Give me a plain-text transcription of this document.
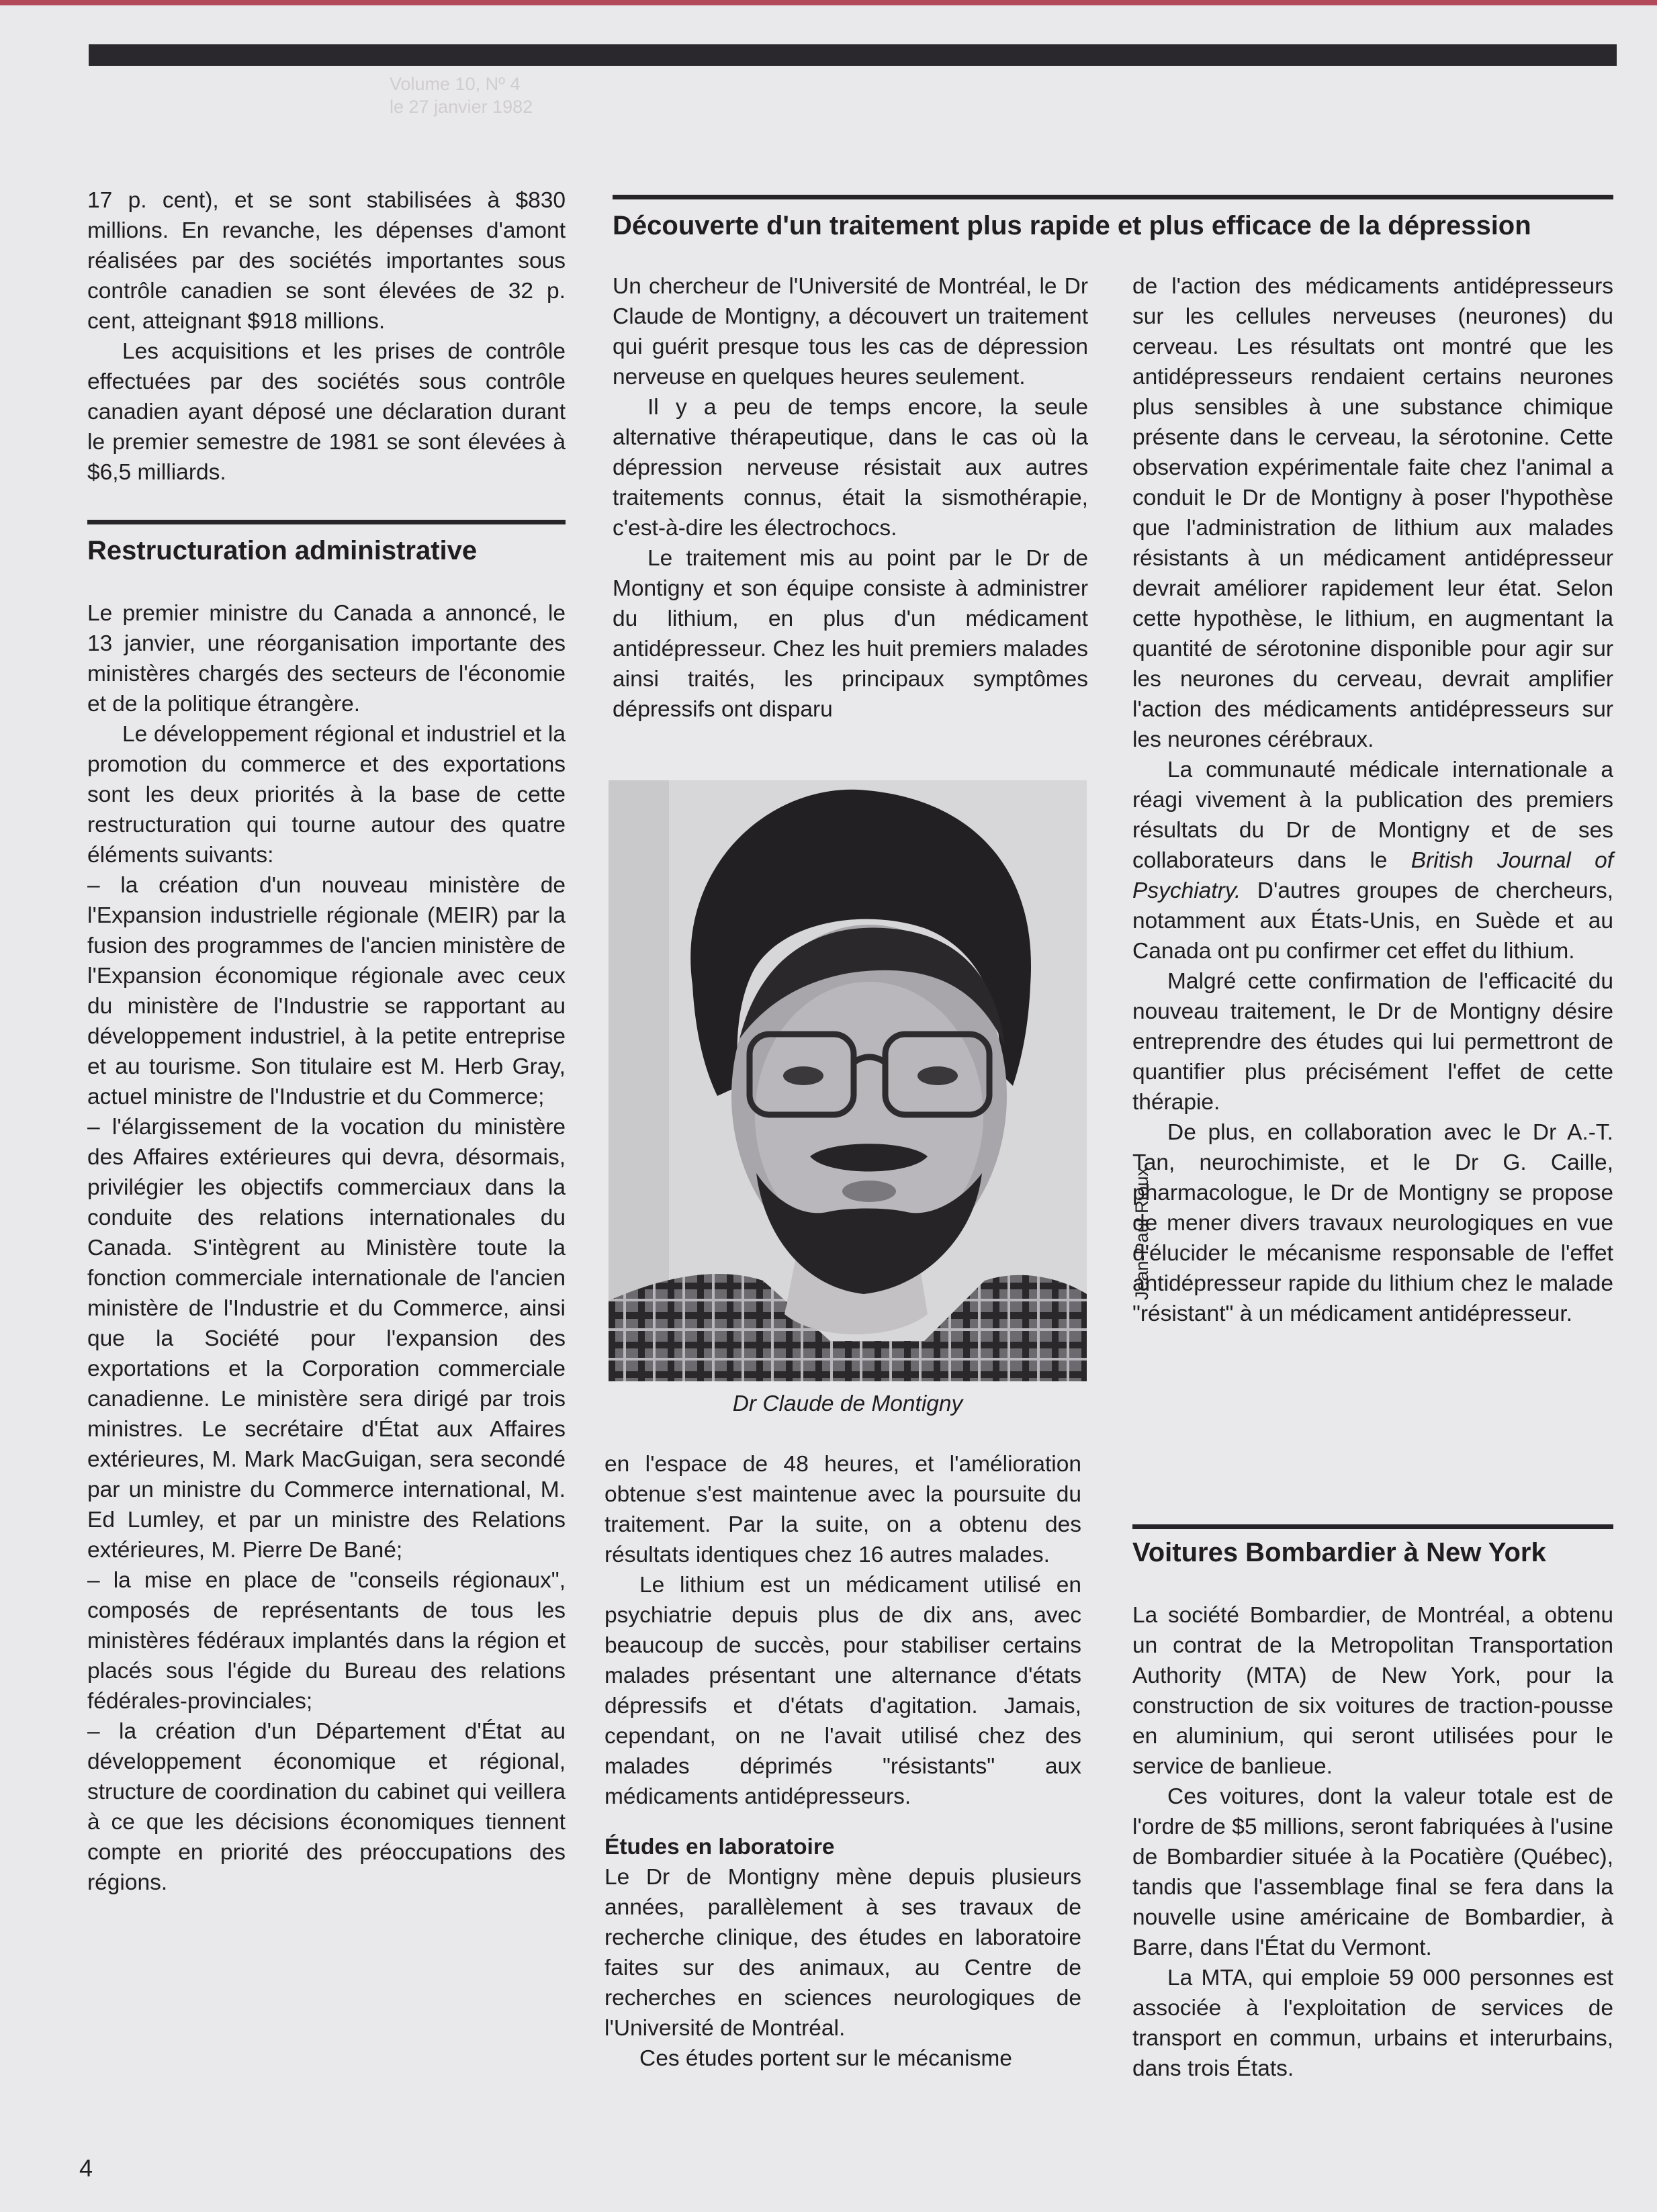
Volume 10, Nº 4
le 27 janvier 1982

17 p. cent), et se sont stabilisées à $830 millions. En revanche, les dépenses d'amont réalisées par des sociétés importantes sous contrôle canadien se sont élevées de 32 p. cent, atteignant $918 millions.

Les acquisitions et les prises de contrôle effectuées par des sociétés sous contrôle canadien ayant déposé une déclaration durant le premier semestre de 1981 se sont élevées à $6,5 milliards.

Restructuration administrative

Le premier ministre du Canada a annoncé, le 13 janvier, une réorganisation importante des ministères chargés des secteurs de l'économie et de la politique étrangère.

Le développement régional et industriel et la promotion du commerce et des exportations sont les deux priorités à la base de cette restructuration qui tourne autour des quatre éléments suivants:

– la création d'un nouveau ministère de l'Expansion industrielle régionale (MEIR) par la fusion des programmes de l'ancien ministère de l'Expansion économique régionale avec ceux du ministère de l'Industrie se rapportant au développement industriel, à la petite entreprise et au tourisme. Son titulaire est M. Herb Gray, actuel ministre de l'Industrie et du Commerce;

– l'élargissement de la vocation du ministère des Affaires extérieures qui devra, désormais, privilégier les objectifs commerciaux dans la conduite des relations internationales du Canada. S'intègrent au Ministère toute la fonction commerciale internationale de l'ancien ministère de l'Industrie et du Commerce, ainsi que la Société pour l'expansion des exportations et la Corporation commerciale canadienne. Le ministère sera dirigé par trois ministres. Le secrétaire d'État aux Affaires extérieures, M. Mark MacGuigan, sera secondé par un ministre du Commerce international, M. Ed Lumley, et par un ministre des Relations extérieures, M. Pierre De Bané;

– la mise en place de "conseils régionaux", composés de représentants de tous les ministères fédéraux implantés dans la région et placés sous l'égide du Bureau des relations fédérales-provinciales;

– la création d'un Département d'État au développement économique et régional, structure de coordination du cabinet qui veillera à ce que les décisions économiques tiennent compte en priorité des préoccupations des régions.

Découverte d'un traitement plus rapide et plus efficace de la dépression

Un chercheur de l'Université de Montréal, le Dr Claude de Montigny, a découvert un traitement qui guérit presque tous les cas de dépression nerveuse en quelques heures seulement.

Il y a peu de temps encore, la seule alternative thérapeutique, dans le cas où la dépression nerveuse résistait aux autres traitements connus, était la sismothérapie, c'est-à-dire les électrochocs.

Le traitement mis au point par le Dr de Montigny et son équipe consiste à administrer du lithium, en plus d'un médicament antidépresseur. Chez les huit premiers malades ainsi traités, les principaux symptômes dépressifs ont disparu

Jean-Paul Rioux
Dr Claude de Montigny

en l'espace de 48 heures, et l'amélioration obtenue s'est maintenue avec la poursuite du traitement. Par la suite, on a obtenu des résultats identiques chez 16 autres malades.

Le lithium est un médicament utilisé en psychiatrie depuis plus de dix ans, avec beaucoup de succès, pour stabiliser certains malades présentant une alternance d'états dépressifs et d'états d'agitation. Jamais, cependant, on ne l'avait utilisé chez des malades déprimés "résistants" aux médicaments antidépresseurs.

Études en laboratoire

Le Dr de Montigny mène depuis plusieurs années, parallèlement à ses travaux de recherche clinique, des études en laboratoire faites sur des animaux, au Centre de recherches en sciences neurologiques de l'Université de Montréal.

Ces études portent sur le mécanisme

de l'action des médicaments antidépresseurs sur les cellules nerveuses (neurones) du cerveau. Les résultats ont montré que les antidépresseurs rendaient certains neurones plus sensibles à une substance chimique présente dans le cerveau, la sérotonine. Cette observation expérimentale faite chez l'animal a conduit le Dr de Montigny à poser l'hypothèse que l'administration de lithium aux malades résistants à un médicament antidépresseur devrait améliorer rapidement leur état. Selon cette hypothèse, le lithium, en augmentant la quantité de sérotonine disponible pour agir sur les neurones du cerveau, devrait amplifier l'action des médicaments antidépresseurs sur les neurones cérébraux.

La communauté médicale internationale a réagi vivement à la publication des premiers résultats du Dr de Montigny et de ses collaborateurs dans le British Journal of Psychiatry. D'autres groupes de chercheurs, notamment aux États-Unis, en Suède et au Canada ont pu confirmer cet effet du lithium.

Malgré cette confirmation de l'efficacité du nouveau traitement, le Dr de Montigny désire entreprendre des études qui lui permettront de quantifier plus précisément l'effet de cette thérapie.

De plus, en collaboration avec le Dr A.-T. Tan, neurochimiste, et le Dr G. Caille, pharmacologue, le Dr de Montigny se propose de mener divers travaux neurologiques en vue d'élucider le mécanisme responsable de l'effet antidépresseur rapide du lithium chez le malade "résistant" à un médicament antidépresseur.

Voitures Bombardier à New York

La société Bombardier, de Montréal, a obtenu un contrat de la Metropolitan Transportation Authority (MTA) de New York, pour la construction de six voitures de traction-pousse en aluminium, qui seront utilisées pour le service de banlieue.

Ces voitures, dont la valeur totale est de l'ordre de $5 millions, seront fabriquées à l'usine de Bombardier située à la Pocatière (Québec), tandis que l'assemblage final se fera dans la nouvelle usine américaine de Bombardier, à Barre, dans l'État du Vermont.

La MTA, qui emploie 59 000 personnes est associée à l'exploitation de services de transport en commun, urbains et interurbains, dans trois États.

4
